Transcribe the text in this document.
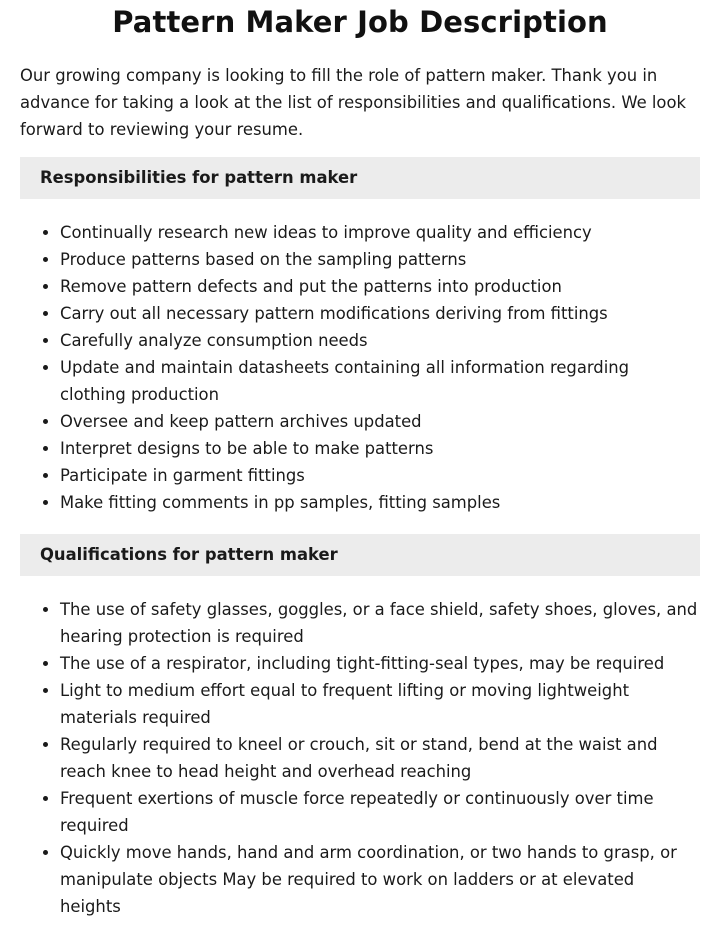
Pattern Maker Job Description

Our growing company is looking to fill the role of pattern maker. Thank you in advance for taking a look at the list of responsibilities and qualifications. We look forward to reviewing your resume.

Responsibilities for pattern maker
• Continually research new ideas to improve quality and efficiency
• Produce patterns based on the sampling patterns
• Remove pattern defects and put the patterns into production
• Carry out all necessary pattern modifications deriving from fittings
• Carefully analyze consumption needs
• Update and maintain datasheets containing all information regarding clothing production
• Oversee and keep pattern archives updated
• Interpret designs to be able to make patterns
• Participate in garment fittings
• Make fitting comments in pp samples, fitting samples
Qualifications for pattern maker
• The use of safety glasses, goggles, or a face shield, safety shoes, gloves, and hearing protection is required
• The use of a respirator, including tight-fitting-seal types, may be required
• Light to medium effort equal to frequent lifting or moving lightweight materials required
• Regularly required to kneel or crouch, sit or stand, bend at the waist and reach knee to head height and overhead reaching
• Frequent exertions of muscle force repeatedly or continuously over time required
• Quickly move hands, hand and arm coordination, or two hands to grasp, or manipulate objects May be required to work on ladders or at elevated heights
